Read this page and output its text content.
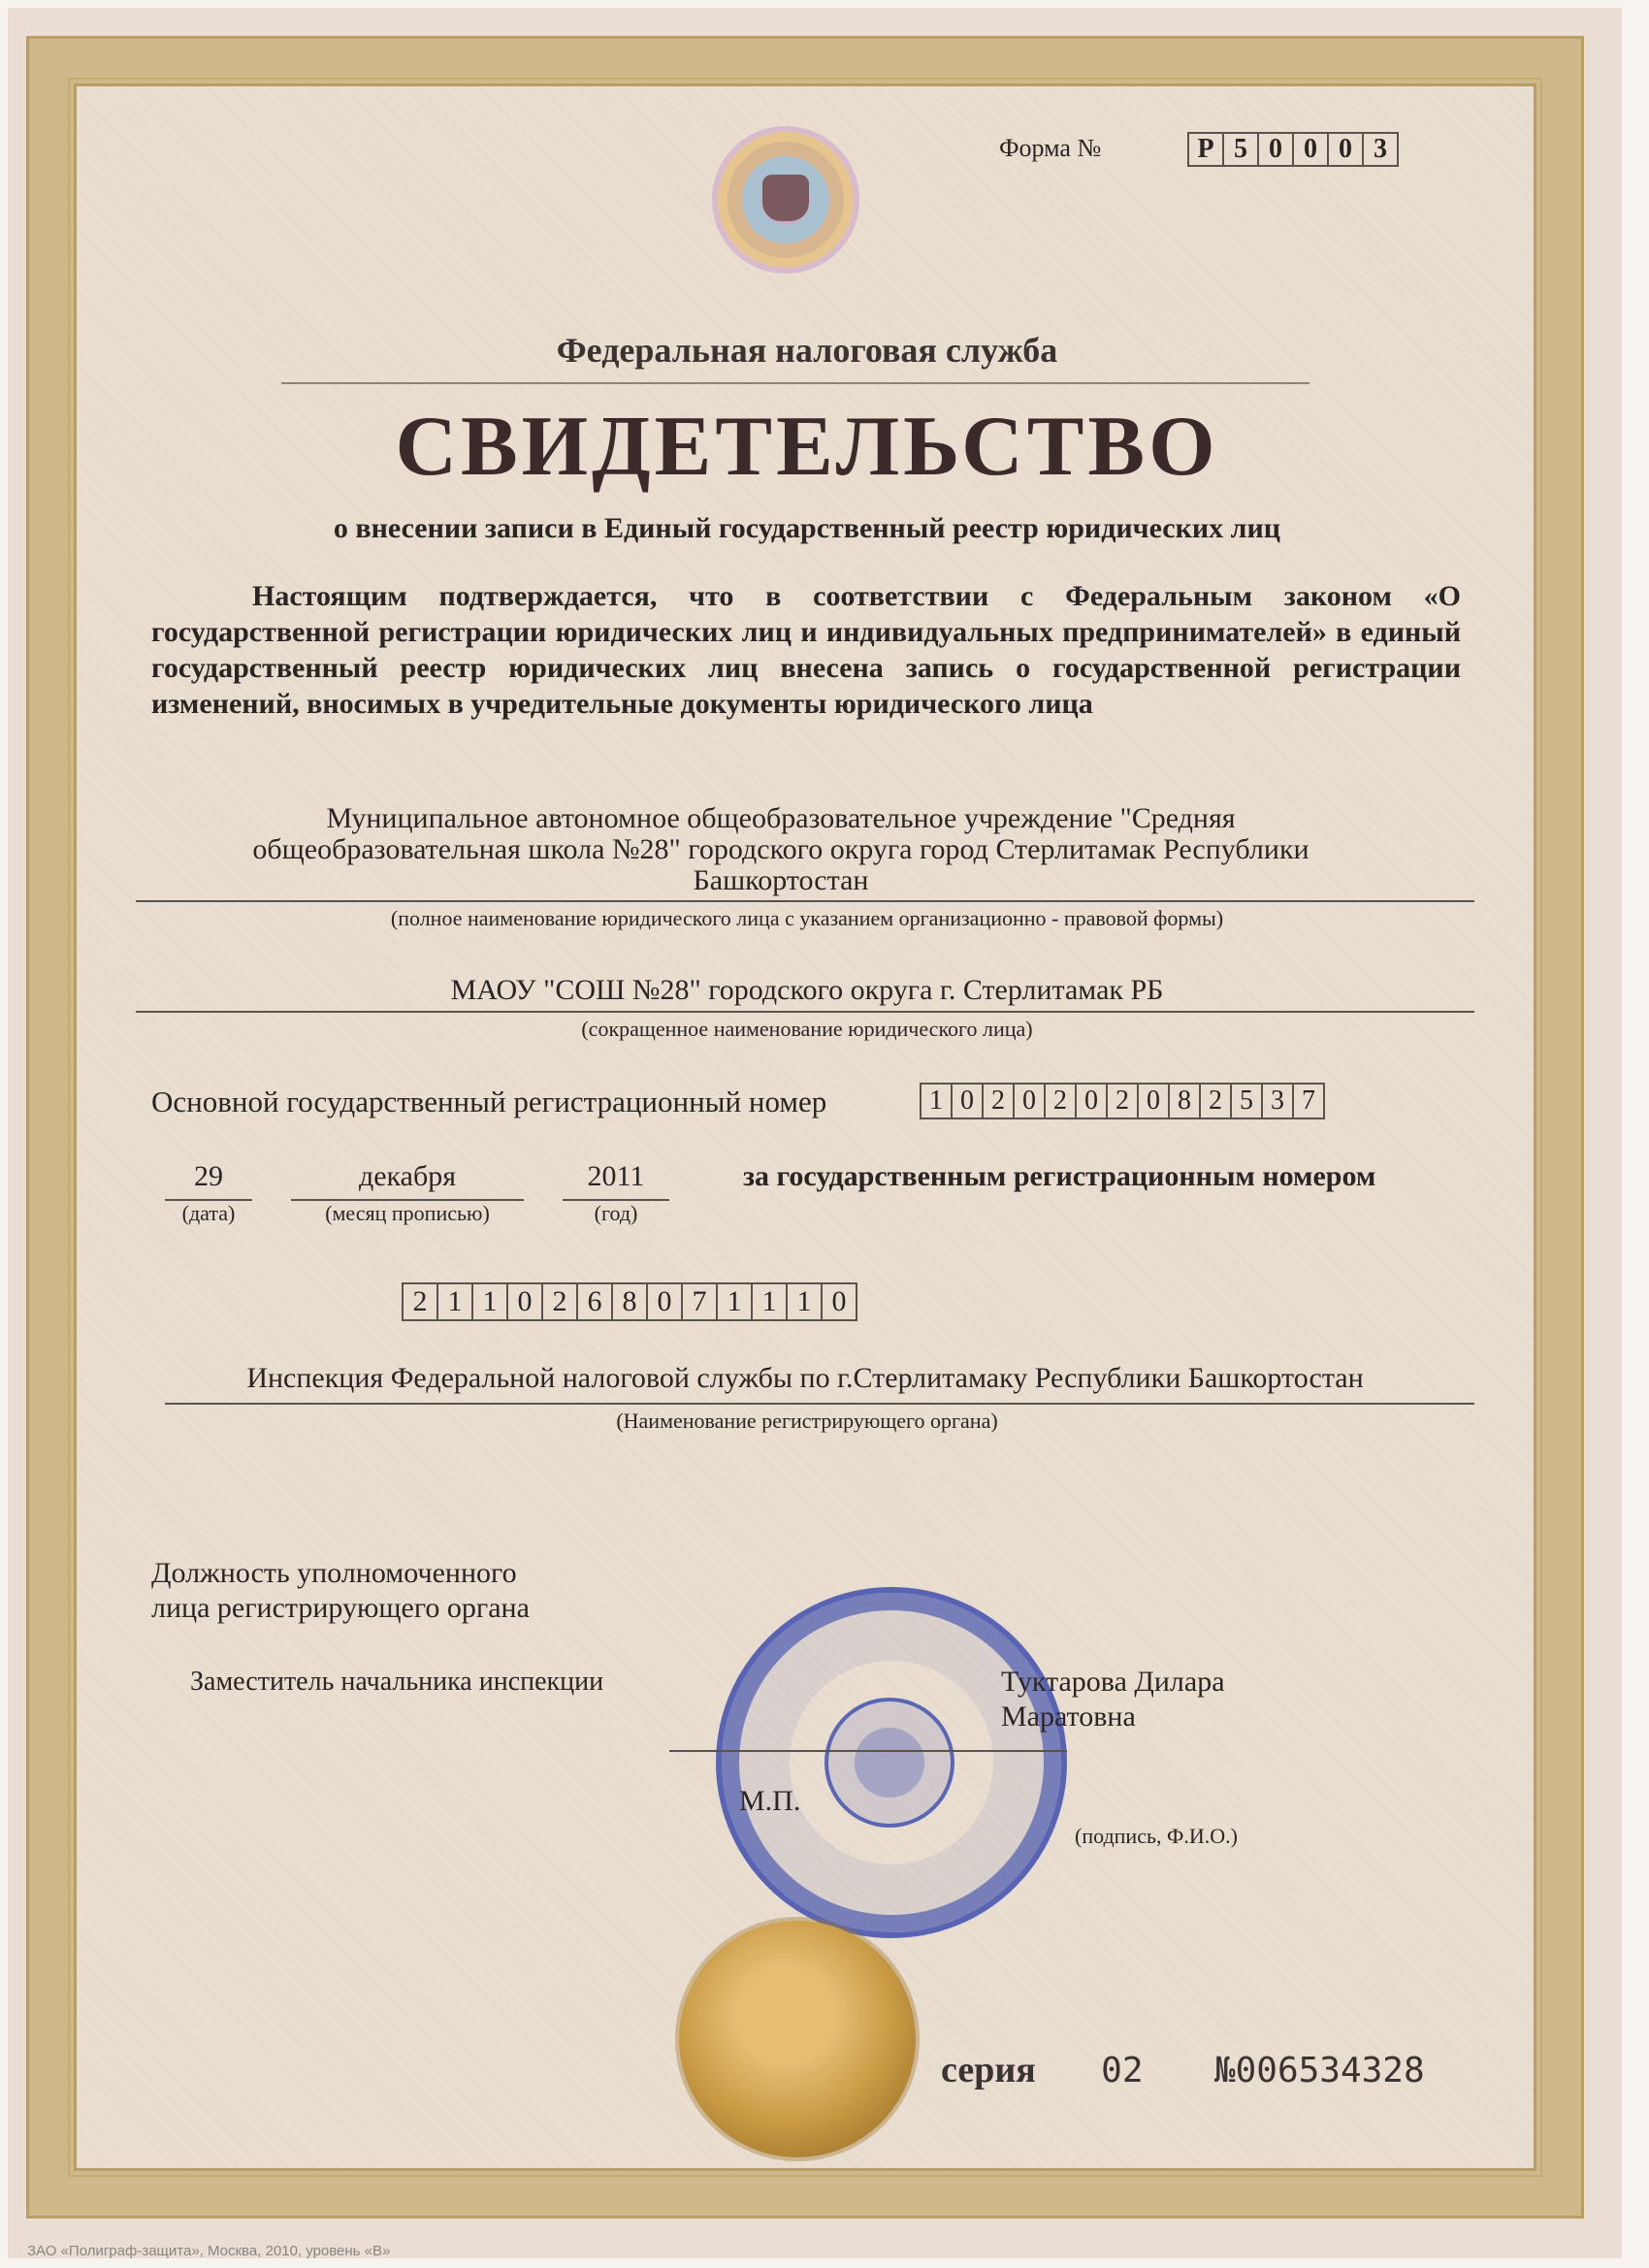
Форма №	Р 5 0 0 0 3
Федеральная налоговая служба
СВИДЕТЕЛЬСТВО
о внесении записи в Единый государственный реестр юридических лиц
Настоящим подтверждается, что в соответствии с Федеральным законом «О государственной регистрации юридических лиц и индивидуальных предпринимателей» в единый государственный реестр юридических лиц внесена запись о государственной регистрации изменений, вносимых в учредительные документы юридического лица
Муниципальное автономное общеобразовательное учреждение "Средняя
общеобразовательная школа №28" городского округа город Стерлитамак Республики
Башкортостан
(полное наименование юридического лица с указанием организационно - правовой формы)
МАОУ "СОШ №28" городского округа г. Стерлитамак РБ
(сокращенное наименование юридического лица)
Основной государственный регистрационный номер	1 0 2 0 2 0 2 0 8 2 5 3 7
29
(дата)
декабря
(месяц прописью)
2011
(год)
за государственным регистрационным номером
2 1 1 0 2 6 8 0 7 1 1 1 0
Инспекция Федеральной налоговой службы по г.Стерлитамаку Республики Башкортостан
(Наименование регистрирующего органа)
Должность уполномоченного
лица регистрирующего органа
Заместитель начальника инспекции	Туктарова Дилара
Маратовна
М.П.
(подпись, Ф.И.О.)
серия 02 №006534328
ЗАО «Полиграф-защита», Москва, 2010, уровень «В»
